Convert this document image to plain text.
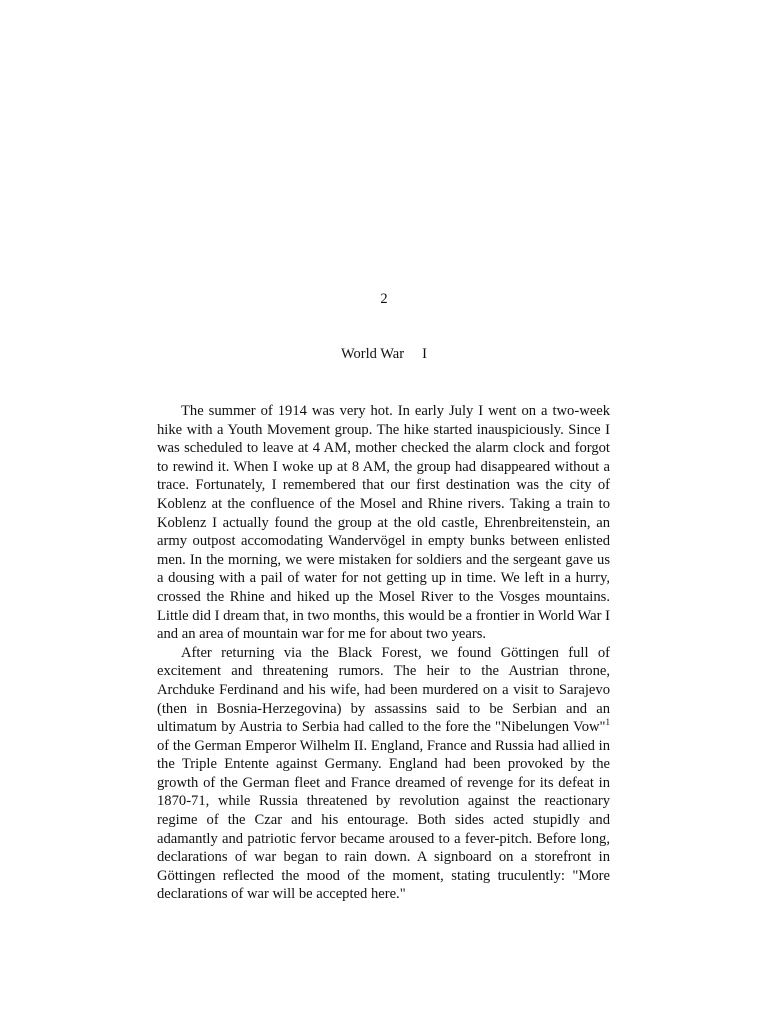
2
World War     I

The summer of 1914 was very hot. In early July I went on a two-week hike with a Youth Movement group. The hike started inauspiciously. Since I was scheduled to leave at 4 AM, mother checked the alarm clock and forgot to rewind it. When I woke up at 8 AM, the group had disappeared without a trace. Fortunately, I remembered that our first destination was the city of Koblenz at the confluence of the Mosel and Rhine rivers. Taking a train to Koblenz I actually found the group at the old castle, Ehrenbreitenstein, an army outpost accomodating Wandervögel in empty bunks between enlisted men. In the morning, we were mistaken for soldiers and the sergeant gave us a dousing with a pail of water for not getting up in time. We left in a hurry, crossed the Rhine and hiked up the Mosel River to the Vosges mountains. Little did I dream that, in two months, this would be a frontier in World War I and an area of mountain war for me for about two years.

After returning via the Black Forest, we found Göttingen full of excitement and threatening rumors. The heir to the Austrian throne, Archduke Ferdinand and his wife, had been murdered on a visit to Sarajevo (then in Bosnia-Herzegovina) by assassins said to be Serbian and an ultimatum by Austria to Serbia had called to the fore the "Nibelungen Vow"$^1$ of the German Emperor Wilhelm II. England, France and Russia had allied in the Triple Entente against Germany. England had been provoked by the growth of the German fleet and France dreamed of revenge for its defeat in 1870-71, while Russia threatened by revolution against the reactionary regime of the Czar and his entourage. Both sides acted stupidly and adamantly and patriotic fervor became aroused to a fever-pitch. Before long, declarations of war began to rain down. A signboard on a storefront in Göttingen reflected the mood of the moment, stating truculently: "More declarations of war will be accepted here."
